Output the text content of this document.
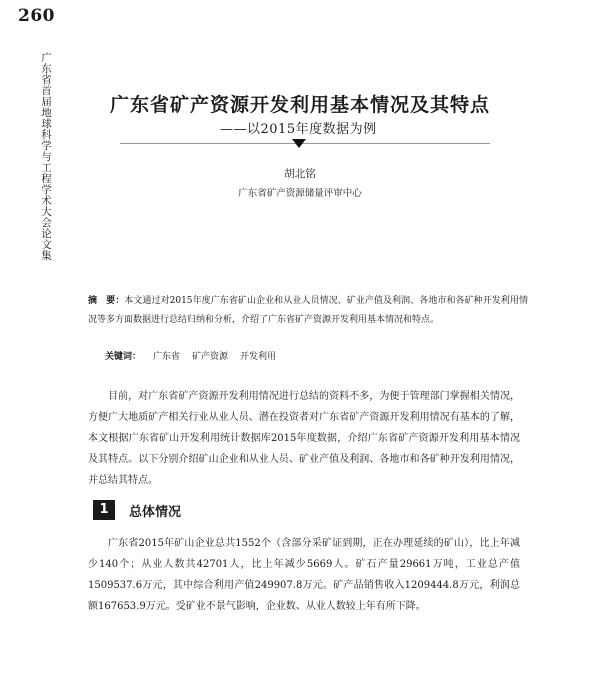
260
广东省首届地球科学与工程学术大会论文集	广东省矿产资源开发利用基本情况及其特点
——以2015年度数据为例
胡北铭
广东省矿产资源储量评审中心
摘　要：本文通过对2015年度广东省矿山企业和从业人员情况、矿业产值及利润、各地市和各矿种开发利用情况等多方面数据进行总结归纳和分析，介绍了广东省矿产资源开发利用基本情况和特点。
关键词： 广东省 矿产资源 开发利用
目前，对广东省矿产资源开发利用情况进行总结的资料不多，为便于管理部门掌握相关情况，方便广大地质矿产相关行业从业人员、潜在投资者对广东省矿产资源开发利用情况有基本的了解，本文根据广东省矿山开发利用统计数据库2015年度数据，介绍广东省矿产资源开发利用基本情况及其特点。以下分别介绍矿山企业和从业人员、矿业产值及利润、各地市和各矿种开发利用情况，并总结其特点。
1	总体情况
广东省2015年矿山企业总共1552个（含部分采矿证到期，正在办理延续的矿山），比上年减少140个；从业人数共42701人，比上年减少5669人。矿石产量29661万吨，工业总产值1509537.6万元，其中综合利用产值249907.8万元。矿产品销售收入1209444.8万元，利润总额167653.9万元。受矿业不景气影响，企业数、从业人数较上年有所下降。
